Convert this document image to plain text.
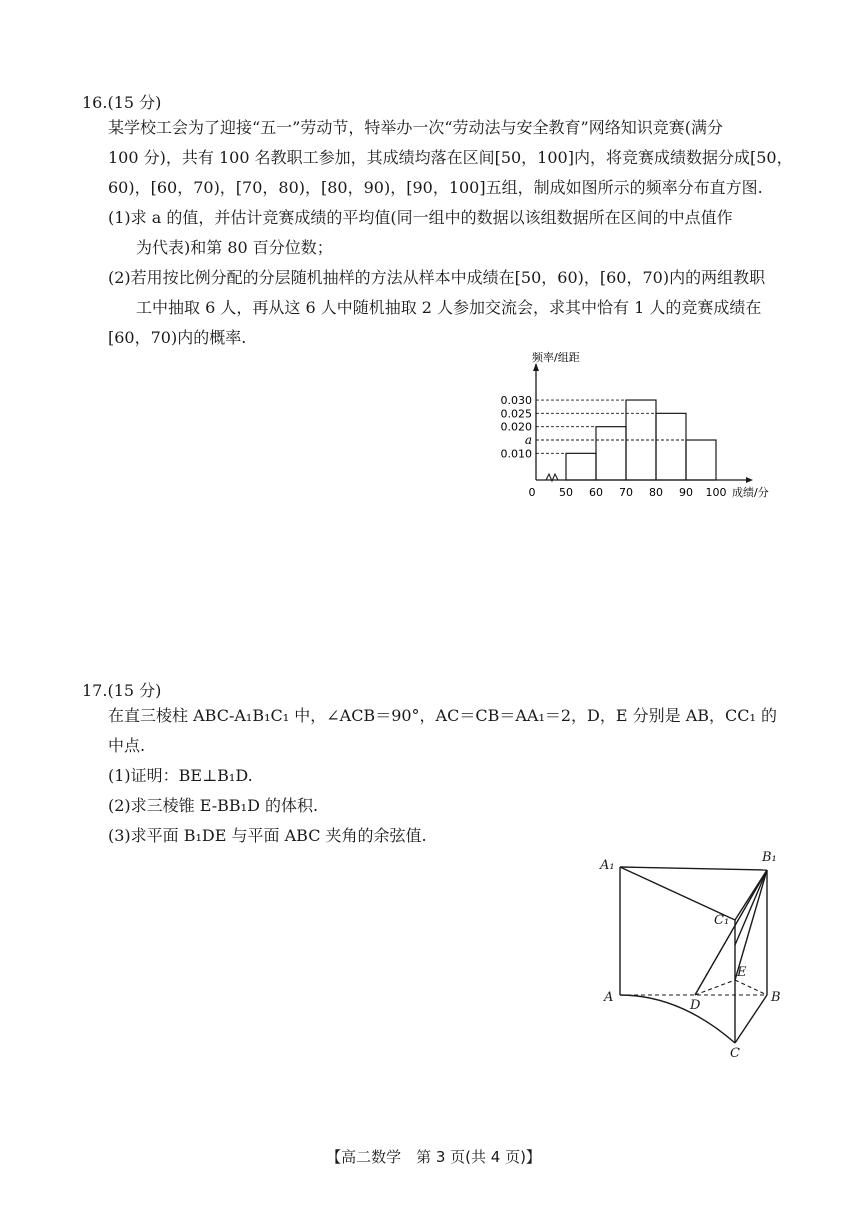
16.(15 分)
某学校工会为了迎接“五一”劳动节，特举办一次“劳动法与安全教育”网络知识竞赛(满分
100 分)，共有 100 名教职工参加，其成绩均落在区间[50，100]内，将竞赛成绩数据分成[50，
60)，[60，70)，[70，80)，[80，90)，[90，100]五组，制成如图所示的频率分布直方图.
(1)求 a 的值，并估计竞赛成绩的平均值(同一组中的数据以该组数据所在区间的中点值作
为代表)和第 80 百分位数；
(2)若用按比例分配的分层随机抽样的方法从样本中成绩在[50，60)，[60，70)内的两组教职
工中抽取 6 人，再从这 6 人中随机抽取 2 人参加交流会，求其中恰有 1 人的竞赛成绩在
[60，70)内的概率.
频率/组距
成绩/分
0.030
0.025
0.020
a
0.010
0 50 60 70 80 90 100
17.(15 分)
在直三棱柱 ABC-A₁B₁C₁ 中，∠ACB＝90°，AC＝CB＝AA₁＝2，D，E 分别是 AB，CC₁ 的
中点.
(1)证明：BE⊥B₁D.
(2)求三棱锥 E-BB₁D 的体积.
(3)求平面 B₁DE 与平面 ABC 夹角的余弦值.
A₁
B₁
C₁
A	B
C
D
E
【高二数学　第 3 页(共 4 页)】
